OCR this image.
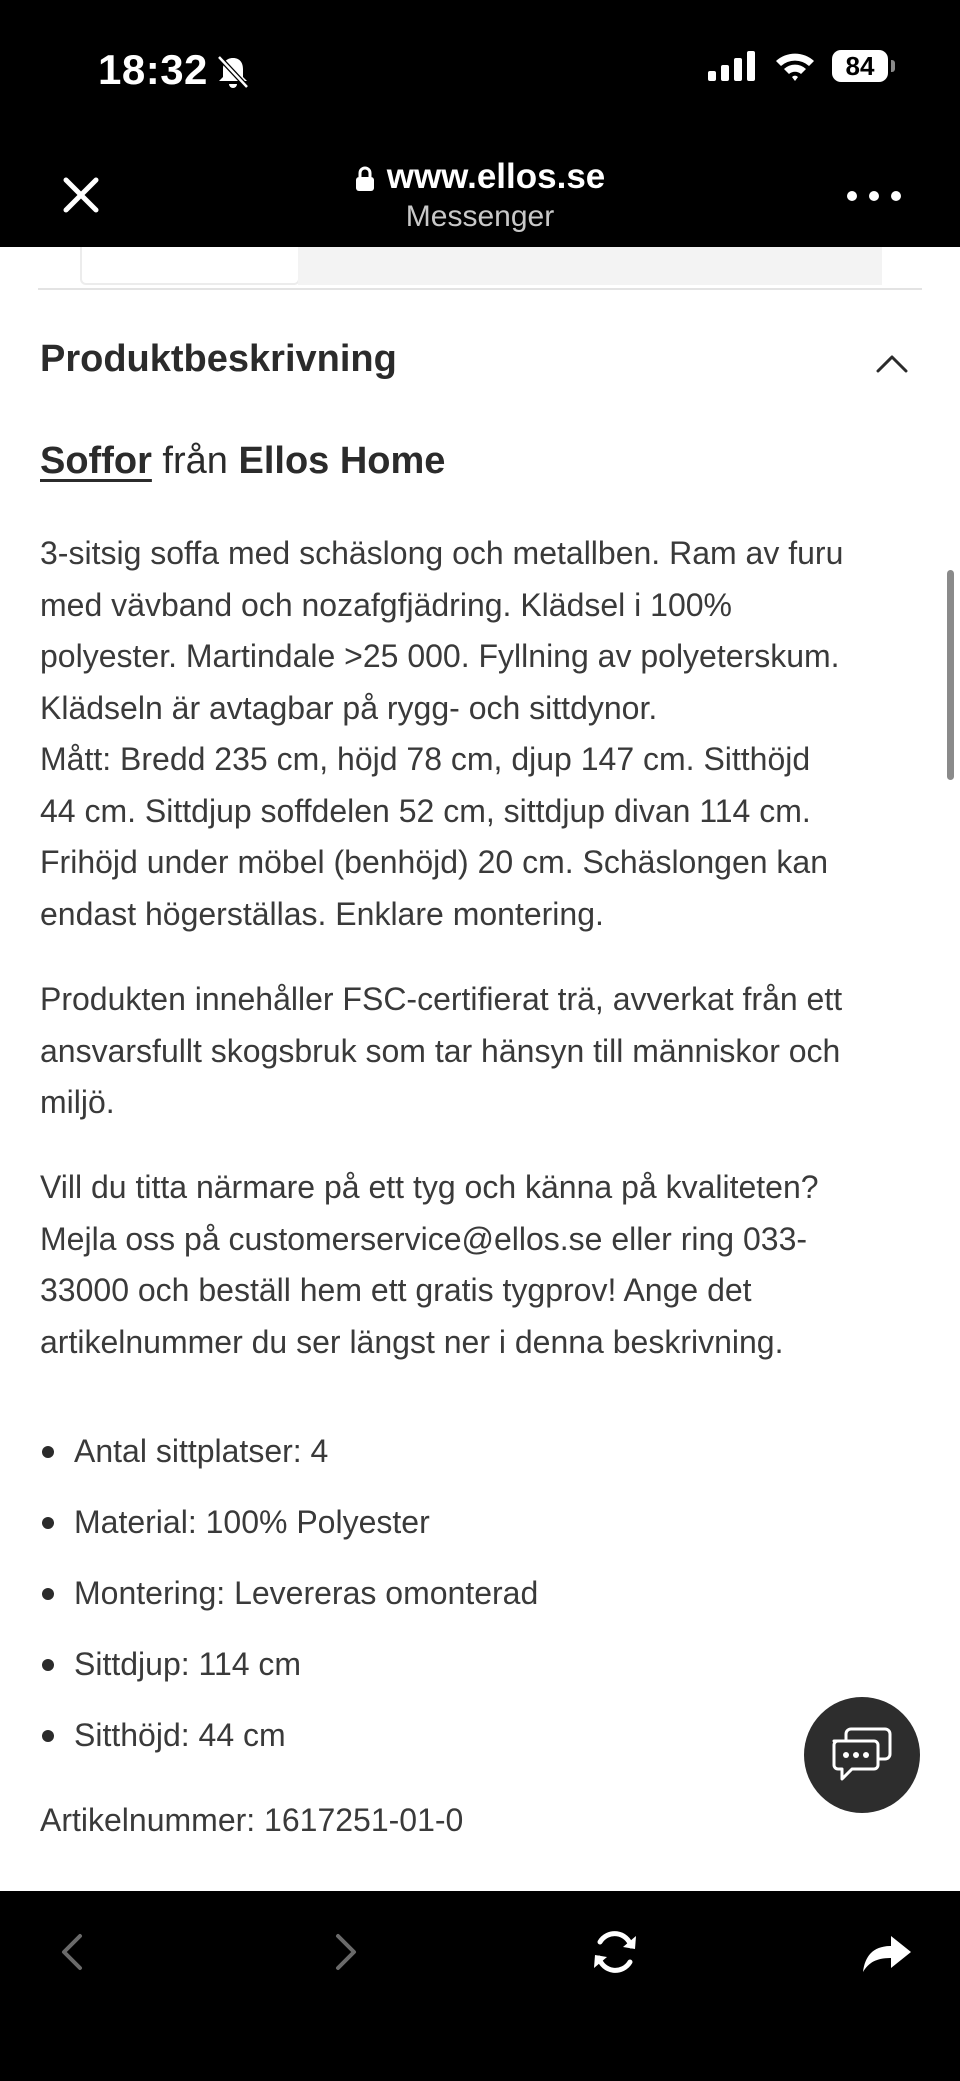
18:32	84
www.ellos.se
Messenger
Produktbeskrivning
Soffor från Ellos Home

3-sitsig soffa med schäslong och metallben. Ram av furu
med vävband och nozafgfjädring. Klädsel i 100%
polyester. Martindale >25 000. Fyllning av polyeterskum.
Klädseln är avtagbar på rygg- och sittdynor.
Mått: Bredd 235 cm, höjd 78 cm, djup 147 cm. Sitthöjd
44 cm. Sittdjup soffdelen 52 cm, sittdjup divan 114 cm.
Frihöjd under möbel (benhöjd) 20 cm. Schäslongen kan
endast högerställas. Enklare montering.

Produkten innehåller FSC-certifierat trä, avverkat från ett
ansvarsfullt skogsbruk som tar hänsyn till människor och
miljö.

Vill du titta närmare på ett tyg och känna på kvaliteten?
Mejla oss på customerservice@ellos.se eller ring 033-
33000 och beställ hem ett gratis tygprov! Ange det
artikelnummer du ser längst ner i denna beskrivning.

Antal sittplatser: 4
Material: 100% Polyester
Montering: Levereras omonterad
Sittdjup: 114 cm
Sitthöjd: 44 cm
Artikelnummer: 1617251-01-0
